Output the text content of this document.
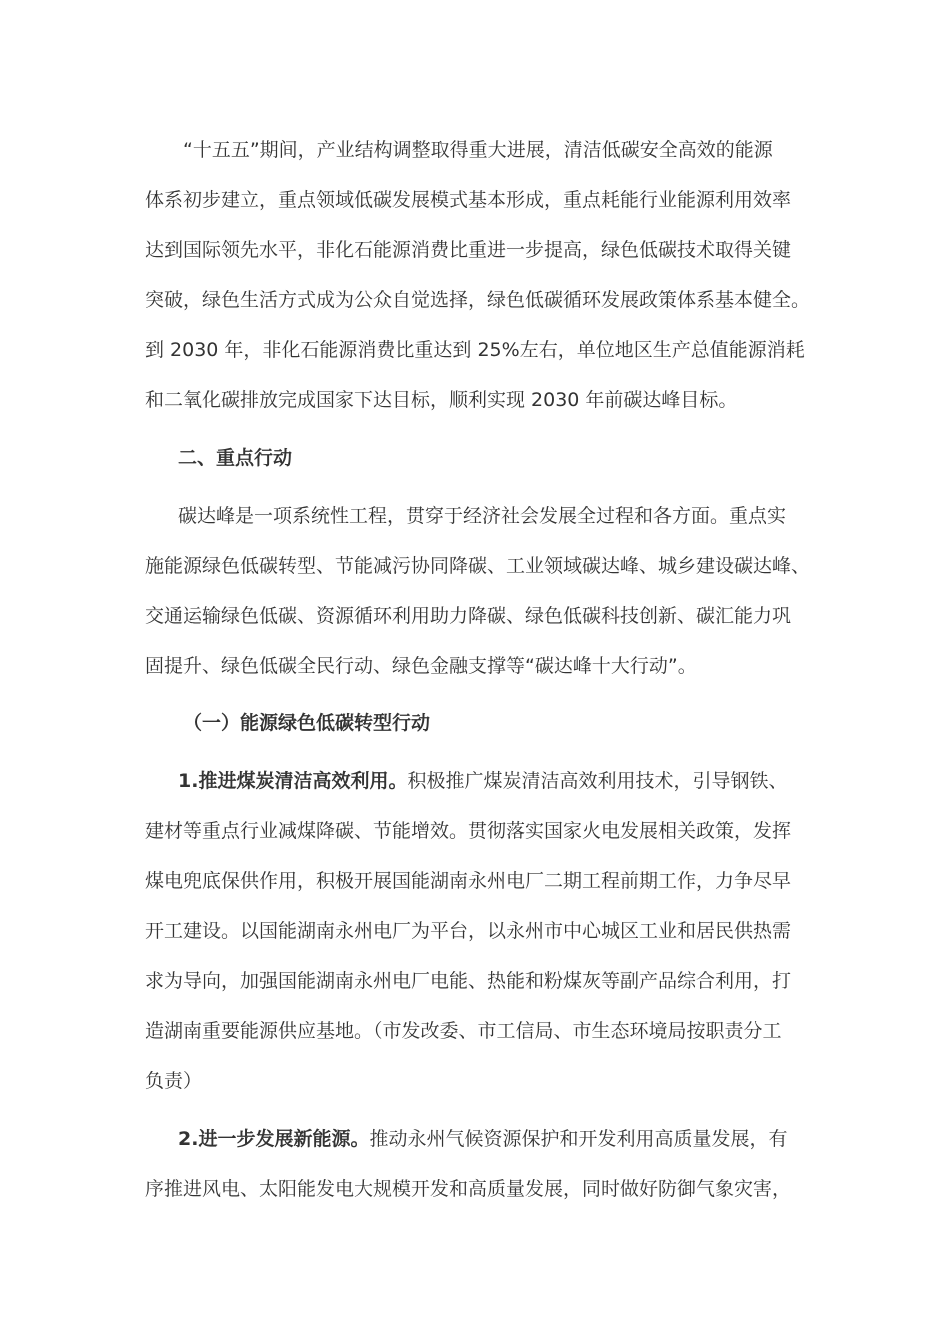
“十五五”期间，产业结构调整取得重大进展，清洁低碳安全高效的能源
体系初步建立，重点领域低碳发展模式基本形成，重点耗能行业能源利用效率
达到国际领先水平，非化石能源消费比重进一步提高，绿色低碳技术取得关键
突破，绿色生活方式成为公众自觉选择，绿色低碳循环发展政策体系基本健全。
到 2030 年，非化石能源消费比重达到 25%左右，单位地区生产总值能源消耗
和二氧化碳排放完成国家下达目标，顺利实现 2030 年前碳达峰目标。
二、重点行动
碳达峰是一项系统性工程，贯穿于经济社会发展全过程和各方面。重点实
施能源绿色低碳转型、节能减污协同降碳、工业领域碳达峰、城乡建设碳达峰、
交通运输绿色低碳、资源循环利用助力降碳、绿色低碳科技创新、碳汇能力巩
固提升、绿色低碳全民行动、绿色金融支撑等“碳达峰十大行动”。
（一）能源绿色低碳转型行动
1.推进煤炭清洁高效利用。积极推广煤炭清洁高效利用技术，引导钢铁、
建材等重点行业减煤降碳、节能增效。贯彻落实国家火电发展相关政策，发挥
煤电兜底保供作用，积极开展国能湖南永州电厂二期工程前期工作，力争尽早
开工建设。以国能湖南永州电厂为平台，以永州市中心城区工业和居民供热需
求为导向，加强国能湖南永州电厂电能、热能和粉煤灰等副产品综合利用，打
造湖南重要能源供应基地。（市发改委、市工信局、市生态环境局按职责分工
负责）
2.进一步发展新能源。推动永州气候资源保护和开发利用高质量发展，有
序推进风电、太阳能发电大规模开发和高质量发展，同时做好防御气象灾害，
